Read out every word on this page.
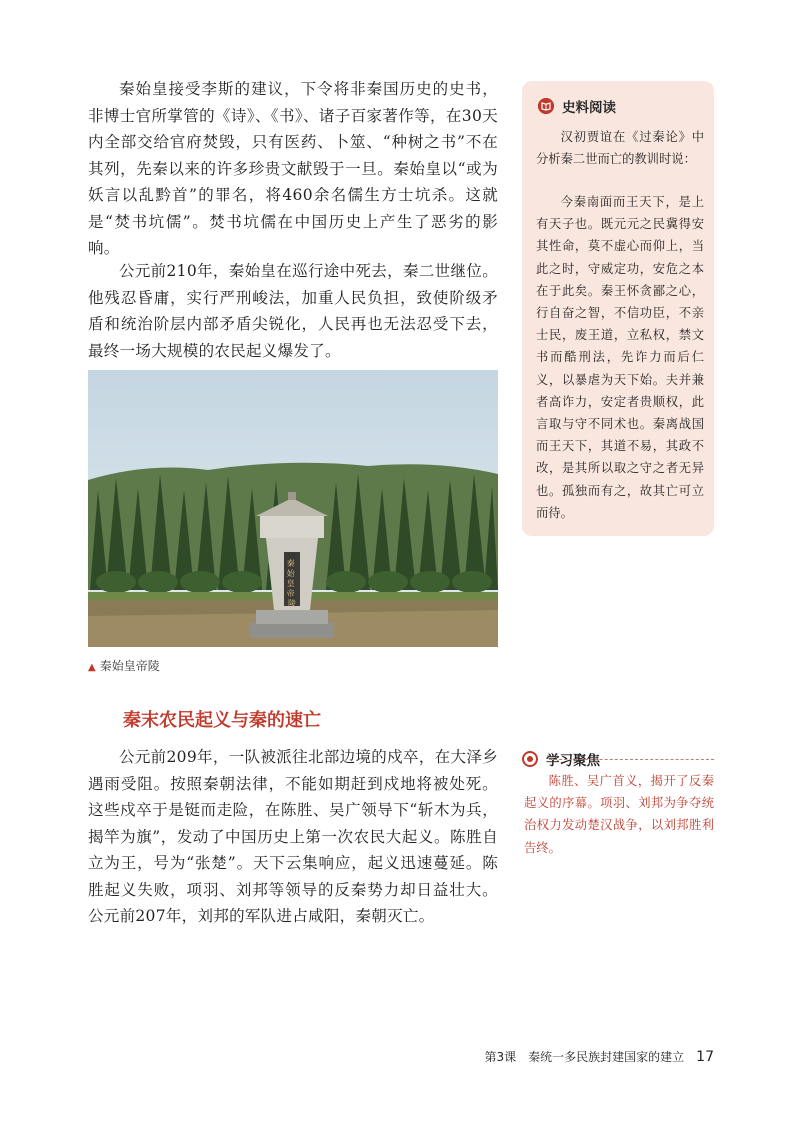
秦始皇接受李斯的建议，下令将非秦国历史的史书，非博士官所掌管的《诗》、《书》、诸子百家著作等，在30天内全部交给官府焚毁，只有医药、卜筮、“种树之书”不在其列，先秦以来的许多珍贵文献毁于一旦。秦始皇以“或为妖言以乱黔首”的罪名，将460余名儒生方士坑杀。这就是“焚书坑儒”。焚书坑儒在中国历史上产生了恶劣的影响。

公元前210年，秦始皇在巡行途中死去，秦二世继位。他残忍昏庸，实行严刑峻法，加重人民负担，致使阶级矛盾和统治阶层内部矛盾尖锐化，人民再也无法忍受下去，最终一场大规模的农民起义爆发了。

秦 始 皇 帝 陵
▲ 秦始皇帝陵
秦末农民起义与秦的速亡

公元前209年，一队被派往北部边境的戍卒，在大泽乡遇雨受阻。按照秦朝法律，不能如期赶到戍地将被处死。这些戍卒于是铤而走险，在陈胜、吴广领导下“斩木为兵，揭竿为旗”，发动了中国历史上第一次农民大起义。陈胜自立为王，号为“张楚”。天下云集响应，起义迅速蔓延。陈胜起义失败，项羽、刘邦等领导的反秦势力却日益壮大。公元前207年，刘邦的军队进占咸阳，秦朝灭亡。

史料阅读

汉初贾谊在《过秦论》中分析秦二世而亡的教训时说：

今秦南面而王天下，是上有天子也。既元元之民冀得安其性命，莫不虚心而仰上，当此之时，守威定功，安危之本在于此矣。秦王怀贪鄙之心，行自奋之智，不信功臣，不亲士民，废王道，立私权，禁文书而酷刑法，先诈力而后仁义，以暴虐为天下始。夫并兼者高诈力，安定者贵顺权，此言取与守不同术也。秦离战国而王天下，其道不易，其政不改，是其所以取之守之者无异也。孤独而有之，故其亡可立而待。

学习聚焦

陈胜、吴广首义，揭开了反秦起义的序幕。项羽、刘邦为争夺统治权力发动楚汉战争，以刘邦胜利告终。

第3课　秦统一多民族封建国家的建立 17
